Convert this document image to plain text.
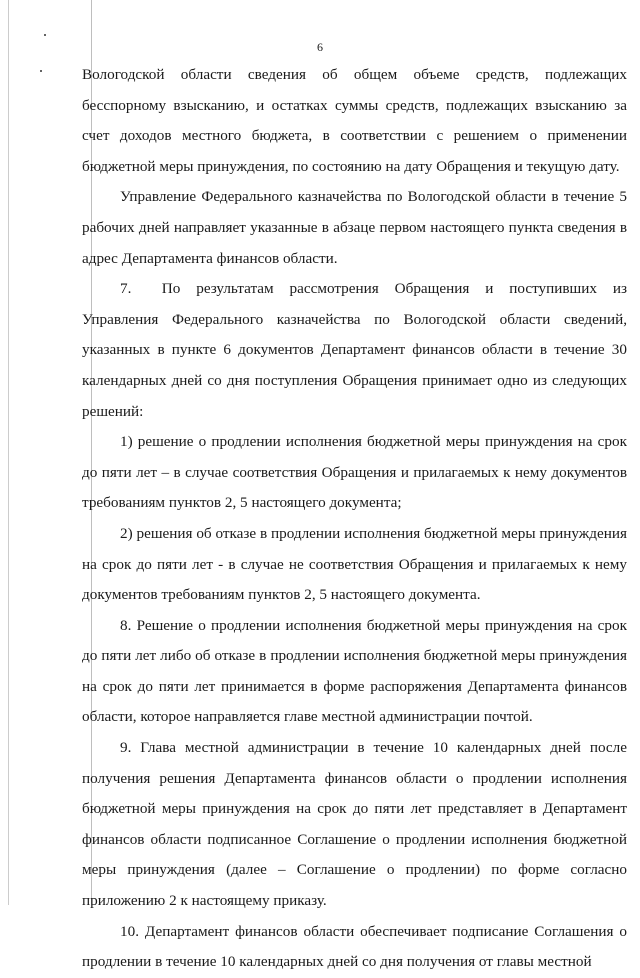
6

Вологодской области сведения об общем объеме средств, подлежащих бесспорному взысканию, и остатках суммы средств, подлежащих взысканию за счет доходов местного бюджета, в соответствии с решением о применении бюджетной меры принуждения, по состоянию на дату Обращения и текущую дату.

Управление Федерального казначейства по Вологодской области в течение 5 рабочих дней направляет указанные в абзаце первом настоящего пункта сведения в адрес Департамента финансов области.

7.  По результатам рассмотрения Обращения и поступивших из Управления Федерального казначейства по Вологодской области сведений, указанных в пункте 6 документов Департамент финансов области в течение 30 календарных дней со дня поступления Обращения принимает одно из следующих решений:

1) решение о продлении исполнения бюджетной меры принуждения на срок до пяти лет – в случае соответствия Обращения и прилагаемых к нему документов требованиям пунктов 2, 5 настоящего документа;

2) решения об отказе в продлении исполнения бюджетной меры принуждения на срок до пяти лет - в случае не соответствия Обращения и прилагаемых к нему документов требованиям пунктов 2, 5 настоящего документа.

8. Решение о продлении исполнения бюджетной меры принуждения на срок до пяти лет либо об отказе в продлении исполнения бюджетной меры принуждения на срок до пяти лет принимается в форме распоряжения Департамента финансов области, которое направляется главе местной администрации почтой.

9. Глава местной администрации в течение 10 календарных дней после получения решения Департамента финансов области о продлении исполнения бюджетной меры принуждения на срок до пяти лет представляет в Департамент финансов области подписанное Соглашение о продлении исполнения бюджетной меры принуждения (далее – Соглашение о продлении) по форме согласно приложению 2 к настоящему приказу.

10. Департамент финансов области обеспечивает подписание Соглашения о продлении в течение 10 календарных дней со дня получения от главы местной
